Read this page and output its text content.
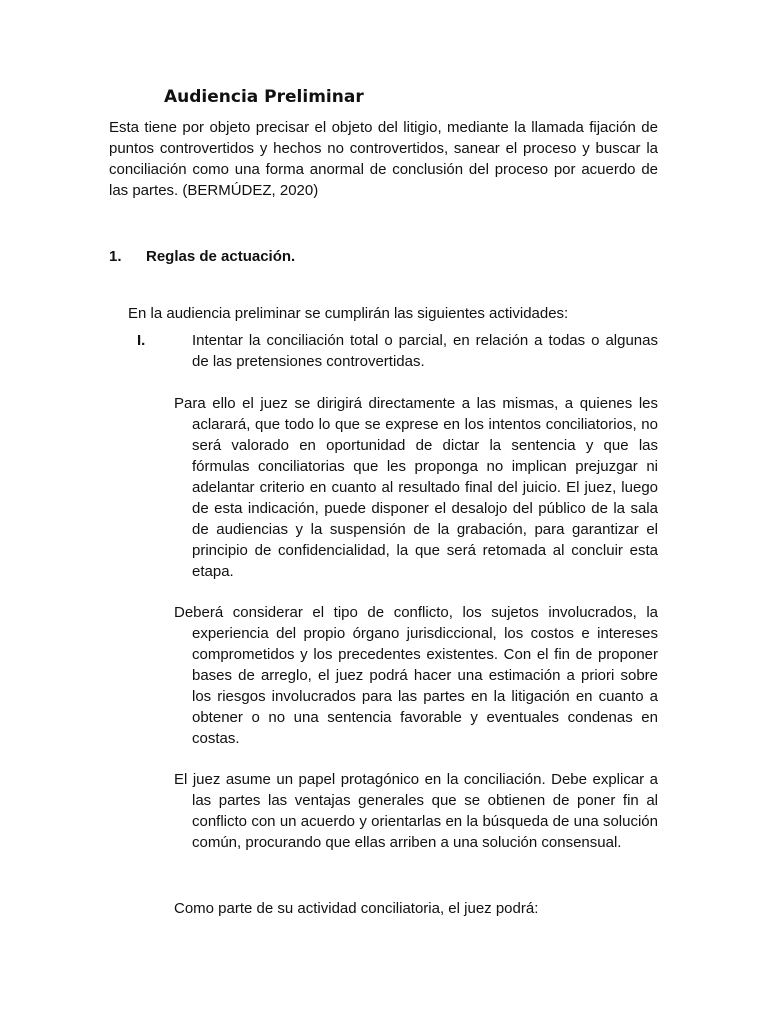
Audiencia Preliminar

Esta tiene por objeto precisar el objeto del litigio, mediante la llamada fijación de puntos controvertidos y hechos no controvertidos, sanear el proceso y buscar la conciliación como una forma anormal de conclusión del proceso por acuerdo de las partes. (BERMÚDEZ, 2020)

1. Reglas de actuación.

En la audiencia preliminar se cumplirán las siguientes actividades:

I.	Intentar la conciliación total o parcial, en relación a todas o algunas de las pretensiones controvertidas.

Para ello el juez se dirigirá directamente a las mismas, a quienes les aclarará, que todo lo que se exprese en los intentos conciliatorios, no será valorado en oportunidad de dictar la sentencia y que las fórmulas conciliatorias que les proponga no implican prejuzgar ni adelantar criterio en cuanto al resultado final del juicio. El juez, luego de esta indicación, puede disponer el desalojo del público de la sala de audiencias y la suspensión de la grabación, para garantizar el principio de confidencialidad, la que será retomada al concluir esta etapa.

Deberá considerar el tipo de conflicto, los sujetos involucrados, la experiencia del propio órgano jurisdiccional, los costos e intereses comprometidos y los precedentes existentes. Con el fin de proponer bases de arreglo, el juez podrá hacer una estimación a priori sobre los riesgos involucrados para las partes en la litigación en cuanto a obtener o no una sentencia favorable y eventuales condenas en costas.

El juez asume un papel protagónico en la conciliación. Debe explicar a las partes las ventajas generales que se obtienen de poner fin al conflicto con un acuerdo y orientarlas en la búsqueda de una solución común, procurando que ellas arriben a una solución consensual.

Como parte de su actividad conciliatoria, el juez podrá:
